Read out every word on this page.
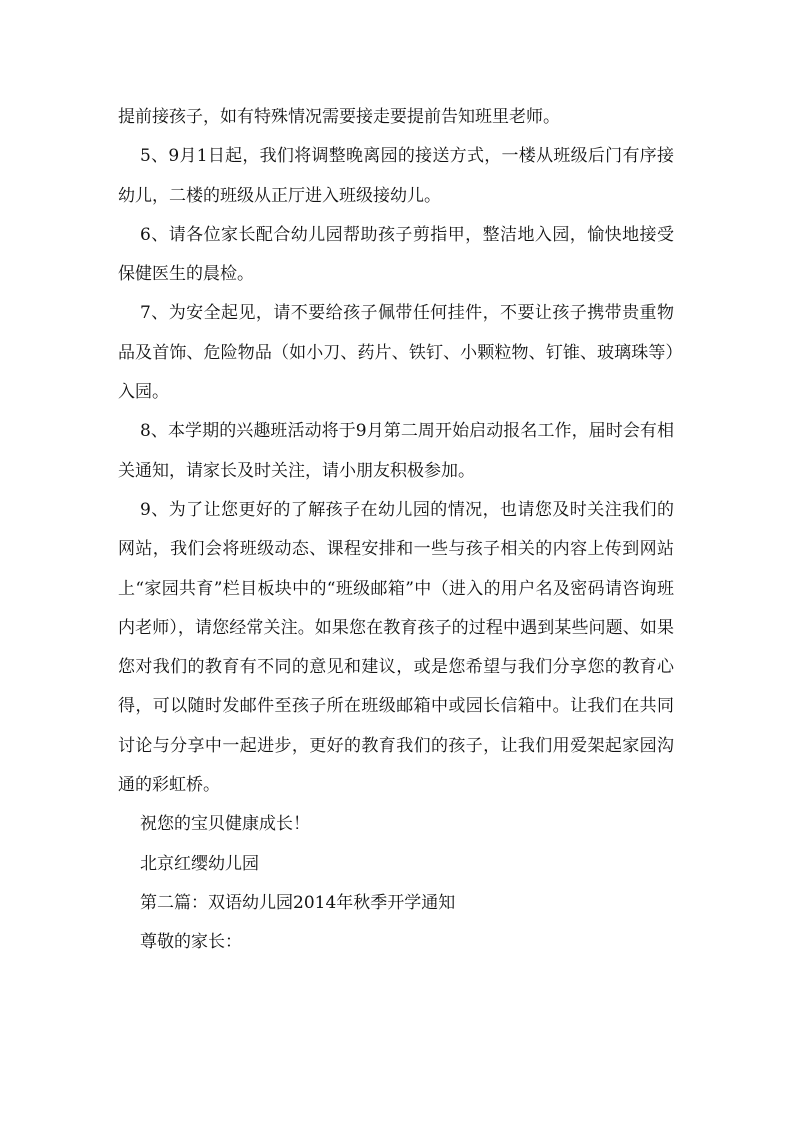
提前接孩子，如有特殊情况需要接走要提前告知班里老师。

5、9月1日起，我们将调整晚离园的接送方式，一楼从班级后门有序接幼儿，二楼的班级从正厅进入班级接幼儿。

6、请各位家长配合幼儿园帮助孩子剪指甲，整洁地入园，愉快地接受保健医生的晨检。

7、为安全起见，请不要给孩子佩带任何挂件，不要让孩子携带贵重物品及首饰、危险物品（如小刀、药片、铁钉、小颗粒物、钉锥、玻璃珠等）入园。

8、本学期的兴趣班活动将于9月第二周开始启动报名工作，届时会有相关通知，请家长及时关注，请小朋友积极参加。

9、为了让您更好的了解孩子在幼儿园的情况，也请您及时关注我们的网站，我们会将班级动态、课程安排和一些与孩子相关的内容上传到网站上“家园共育”栏目板块中的“班级邮箱”中（进入的用户名及密码请咨询班内老师），请您经常关注。如果您在教育孩子的过程中遇到某些问题、如果您对我们的教育有不同的意见和建议，或是您希望与我们分享您的教育心得，可以随时发邮件至孩子所在班级邮箱中或园长信箱中。让我们在共同讨论与分享中一起进步，更好的教育我们的孩子，让我们用爱架起家园沟通的彩虹桥。

祝您的宝贝健康成长！

北京红缨幼儿园

第二篇：双语幼儿园2014年秋季开学通知

尊敬的家长：
